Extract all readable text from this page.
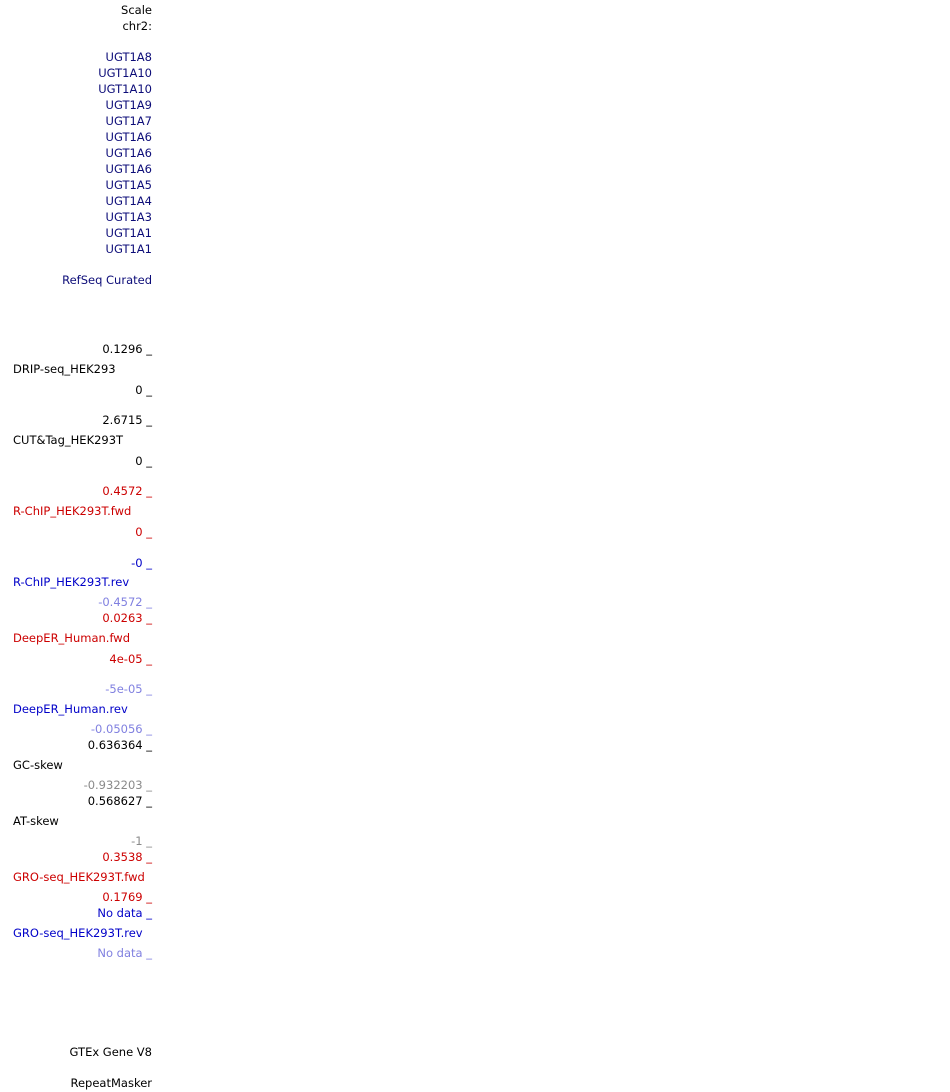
Scale
chr2:
UGT1A8
UGT1A10
UGT1A10
UGT1A9
UGT1A7
UGT1A6
UGT1A6
UGT1A6
UGT1A5
UGT1A4
UGT1A3
UGT1A1
UGT1A1
RefSeq Curated
0.1296 _
DRIP-seq_HEK293
0 _
2.6715 _
CUT&Tag_HEK293T
0 _
0.4572 _
R-ChIP_HEK293T.fwd
0 _
-0 _
R-ChIP_HEK293T.rev
-0.4572 _
0.0263 _
DeepER_Human.fwd
4e-05 _
-5e-05 _
DeepER_Human.rev
-0.05056 _
0.636364 _
GC-skew
-0.932203 _
0.568627 _
AT-skew
-1 _
0.3538 _
GRO-seq_HEK293T.fwd
0.1769 _
No data _
GRO-seq_HEK293T.rev
No data _
GTEx Gene V8
RepeatMasker
